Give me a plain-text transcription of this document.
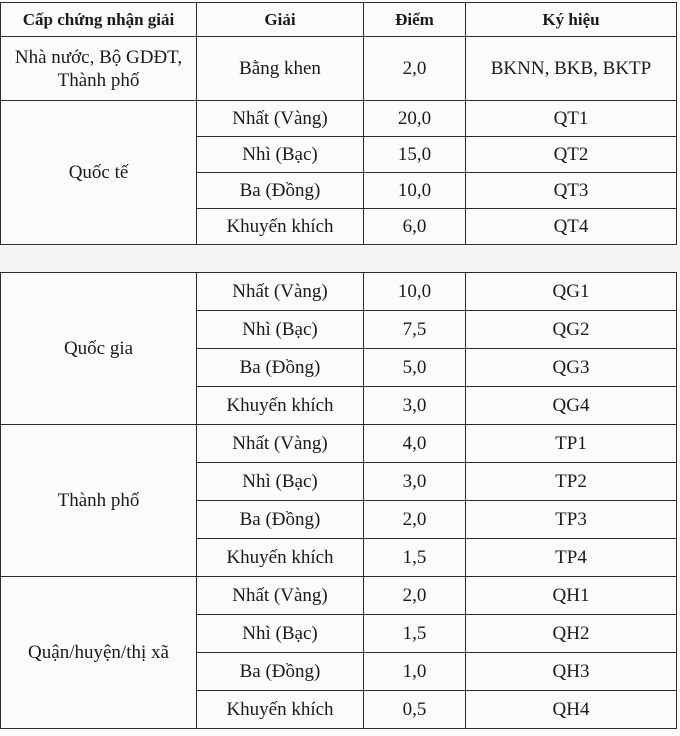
Cấp chứng nhận giải	Giải	Điểm	Ký hiệu
Nhà nước, Bộ GDĐT, Thành phố	Bằng khen	2,0	BKNN, BKB, BKTP
Quốc tế	Nhất (Vàng)	20,0	QT1
	Nhì (Bạc)	15,0	QT2
	Ba (Đồng)	10,0	QT3
	Khuyến khích	6,0	QT4
Quốc gia	Nhất (Vàng)	10,0	QG1
	Nhì (Bạc)	7,5	QG2
	Ba (Đồng)	5,0	QG3
	Khuyến khích	3,0	QG4
Thành phố	Nhất (Vàng)	4,0	TP1
	Nhì (Bạc)	3,0	TP2
	Ba (Đồng)	2,0	TP3
	Khuyến khích	1,5	TP4
Quận/huyện/thị xã	Nhất (Vàng)	2,0	QH1
	Nhì (Bạc)	1,5	QH2
	Ba (Đồng)	1,0	QH3
	Khuyến khích	0,5	QH4
